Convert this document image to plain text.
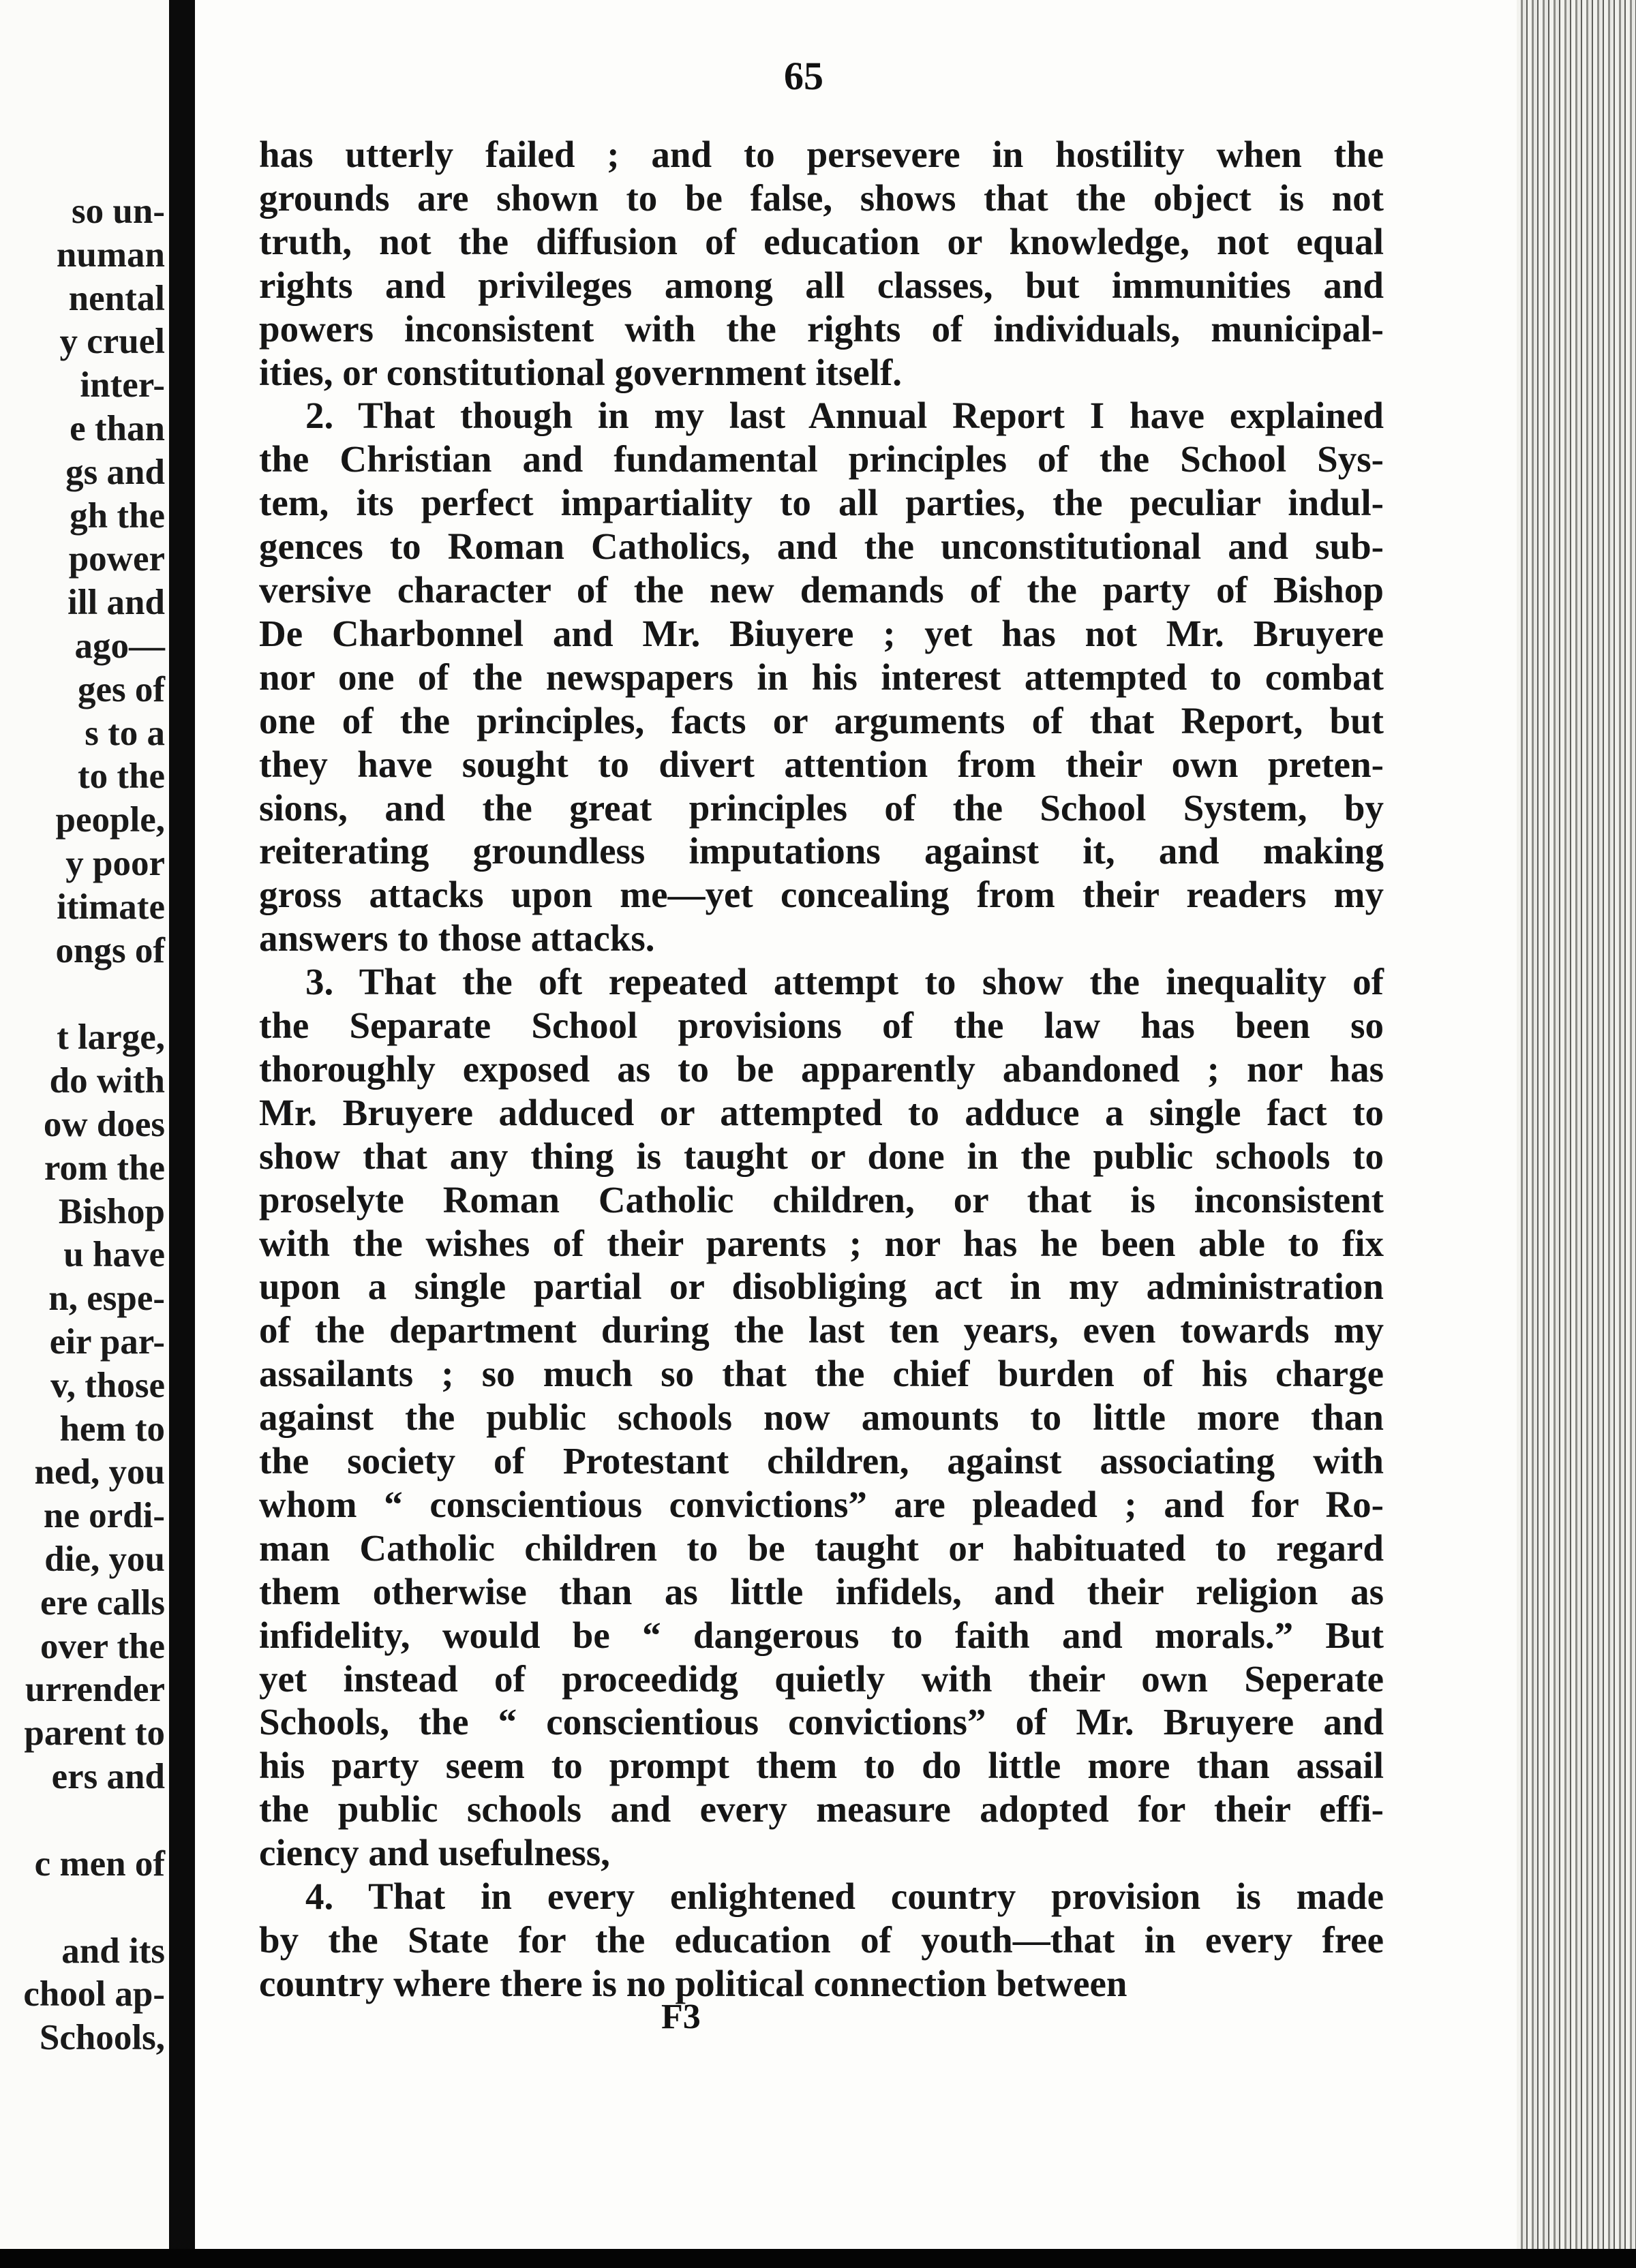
so un-
numan
nental
y cruel
inter-
e than
gs and
gh the
power
ill and
ago—
ges of
s to a
to the
people,
y poor
itimate
ongs of
t large,
do with
ow does
rom the
Bishop
u have
n, espe-
eir par-
v, those
hem to
ned, you
ne ordi-
die, you
ere calls
over the
urrender
parent to
ers and
c men of
and its
chool ap-
Schools,
65
has utterly failed ; and to persevere in hostility when the
grounds are shown to be false, shows that the object is not
truth, not the diffusion of education or knowledge, not equal
rights and privileges among all classes, but immunities and
powers inconsistent with the rights of individuals, municipal-
ities, or constitutional government itself.
2. That though in my last Annual Report I have explained
the Christian and fundamental principles of the School Sys-
tem, its perfect impartiality to all parties, the peculiar indul-
gences to Roman Catholics, and the unconstitutional and sub-
versive character of the new demands of the party of Bishop
De Charbonnel and Mr. Biuyere ; yet has not Mr. Bruyere
nor one of the newspapers in his interest attempted to combat
one of the principles, facts or arguments of that Report, but
they have sought to divert attention from their own preten-
sions, and the great principles of the School System, by
reiterating groundless imputations against it, and making
gross attacks upon me—yet concealing from their readers my
answers to those attacks.
3. That the oft repeated attempt to show the inequality of
the Separate School provisions of the law has been so
thoroughly exposed as to be apparently abandoned ; nor has
Mr. Bruyere adduced or attempted to adduce a single fact to
show that any thing is taught or done in the public schools to
proselyte Roman Catholic children, or that is inconsistent
with the wishes of their parents ; nor has he been able to fix
upon a single partial or disobliging act in my administration
of the department during the last ten years, even towards my
assailants ; so much so that the chief burden of his charge
against the public schools now amounts to little more than
the society of Protestant children, against associating with
whom “ conscientious convictions” are pleaded ; and for Ro-
man Catholic children to be taught or habituated to regard
them otherwise than as little infidels, and their religion as
infidelity, would be “ dangerous to faith and morals.” But
yet instead of proceedidg quietly with their own Seperate
Schools, the “ conscientious convictions” of Mr. Bruyere and
his party seem to prompt them to do little more than assail
the public schools and every measure adopted for their effi-
ciency and usefulness,
4. That in every enlightened country provision is made
by the State for the education of youth—that in every free
country where there is no political connection between
F3
